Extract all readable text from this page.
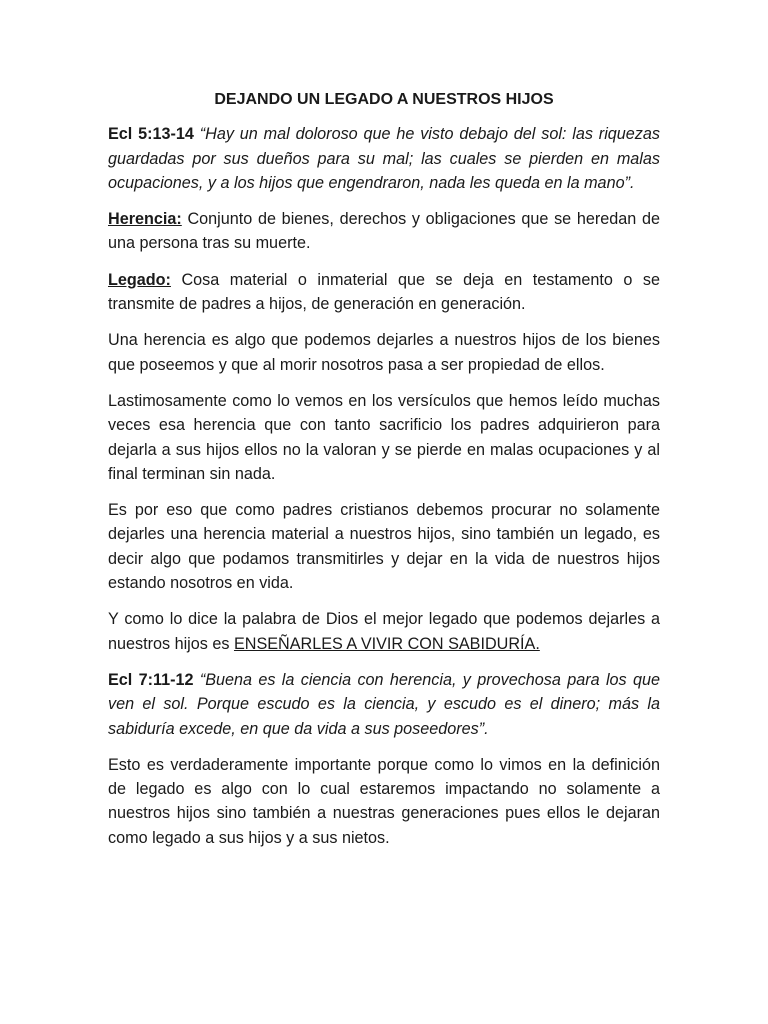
DEJANDO UN LEGADO A NUESTROS HIJOS

Ecl 5:13-14 “Hay un mal doloroso que he visto debajo del sol: las riquezas guardadas por sus dueños para su mal; las cuales se pierden en malas ocupaciones, y a los hijos que engendraron, nada les queda en la mano”.

Herencia: Conjunto de bienes, derechos y obligaciones que se heredan de una persona tras su muerte.

Legado: Cosa material o inmaterial que se deja en testamento o se transmite de padres a hijos, de generación en generación.

Una herencia es algo que podemos dejarles a nuestros hijos de los bienes que poseemos y que al morir nosotros pasa a ser propiedad de ellos.

Lastimosamente como lo vemos en los versículos que hemos leído muchas veces esa herencia que con tanto sacrificio los padres adquirieron para dejarla a sus hijos ellos no la valoran y se pierde en malas ocupaciones y al final terminan sin nada.

Es por eso que como padres cristianos debemos procurar no solamente dejarles una herencia material a nuestros hijos, sino también un legado, es decir algo que podamos transmitirles y dejar en la vida de nuestros hijos estando nosotros en vida.

Y como lo dice la palabra de Dios el mejor legado que podemos dejarles a nuestros hijos es ENSEÑARLES A VIVIR CON SABIDURÍA.

Ecl 7:11-12 “Buena es la ciencia con herencia, y provechosa para los que ven el sol. Porque escudo es la ciencia, y escudo es el dinero; más la sabiduría excede, en que da vida a sus poseedores”.

Esto es verdaderamente importante porque como lo vimos en la definición de legado es algo con lo cual estaremos impactando no solamente a nuestros hijos sino también a nuestras generaciones pues ellos le dejaran como legado a sus hijos y a sus nietos.
